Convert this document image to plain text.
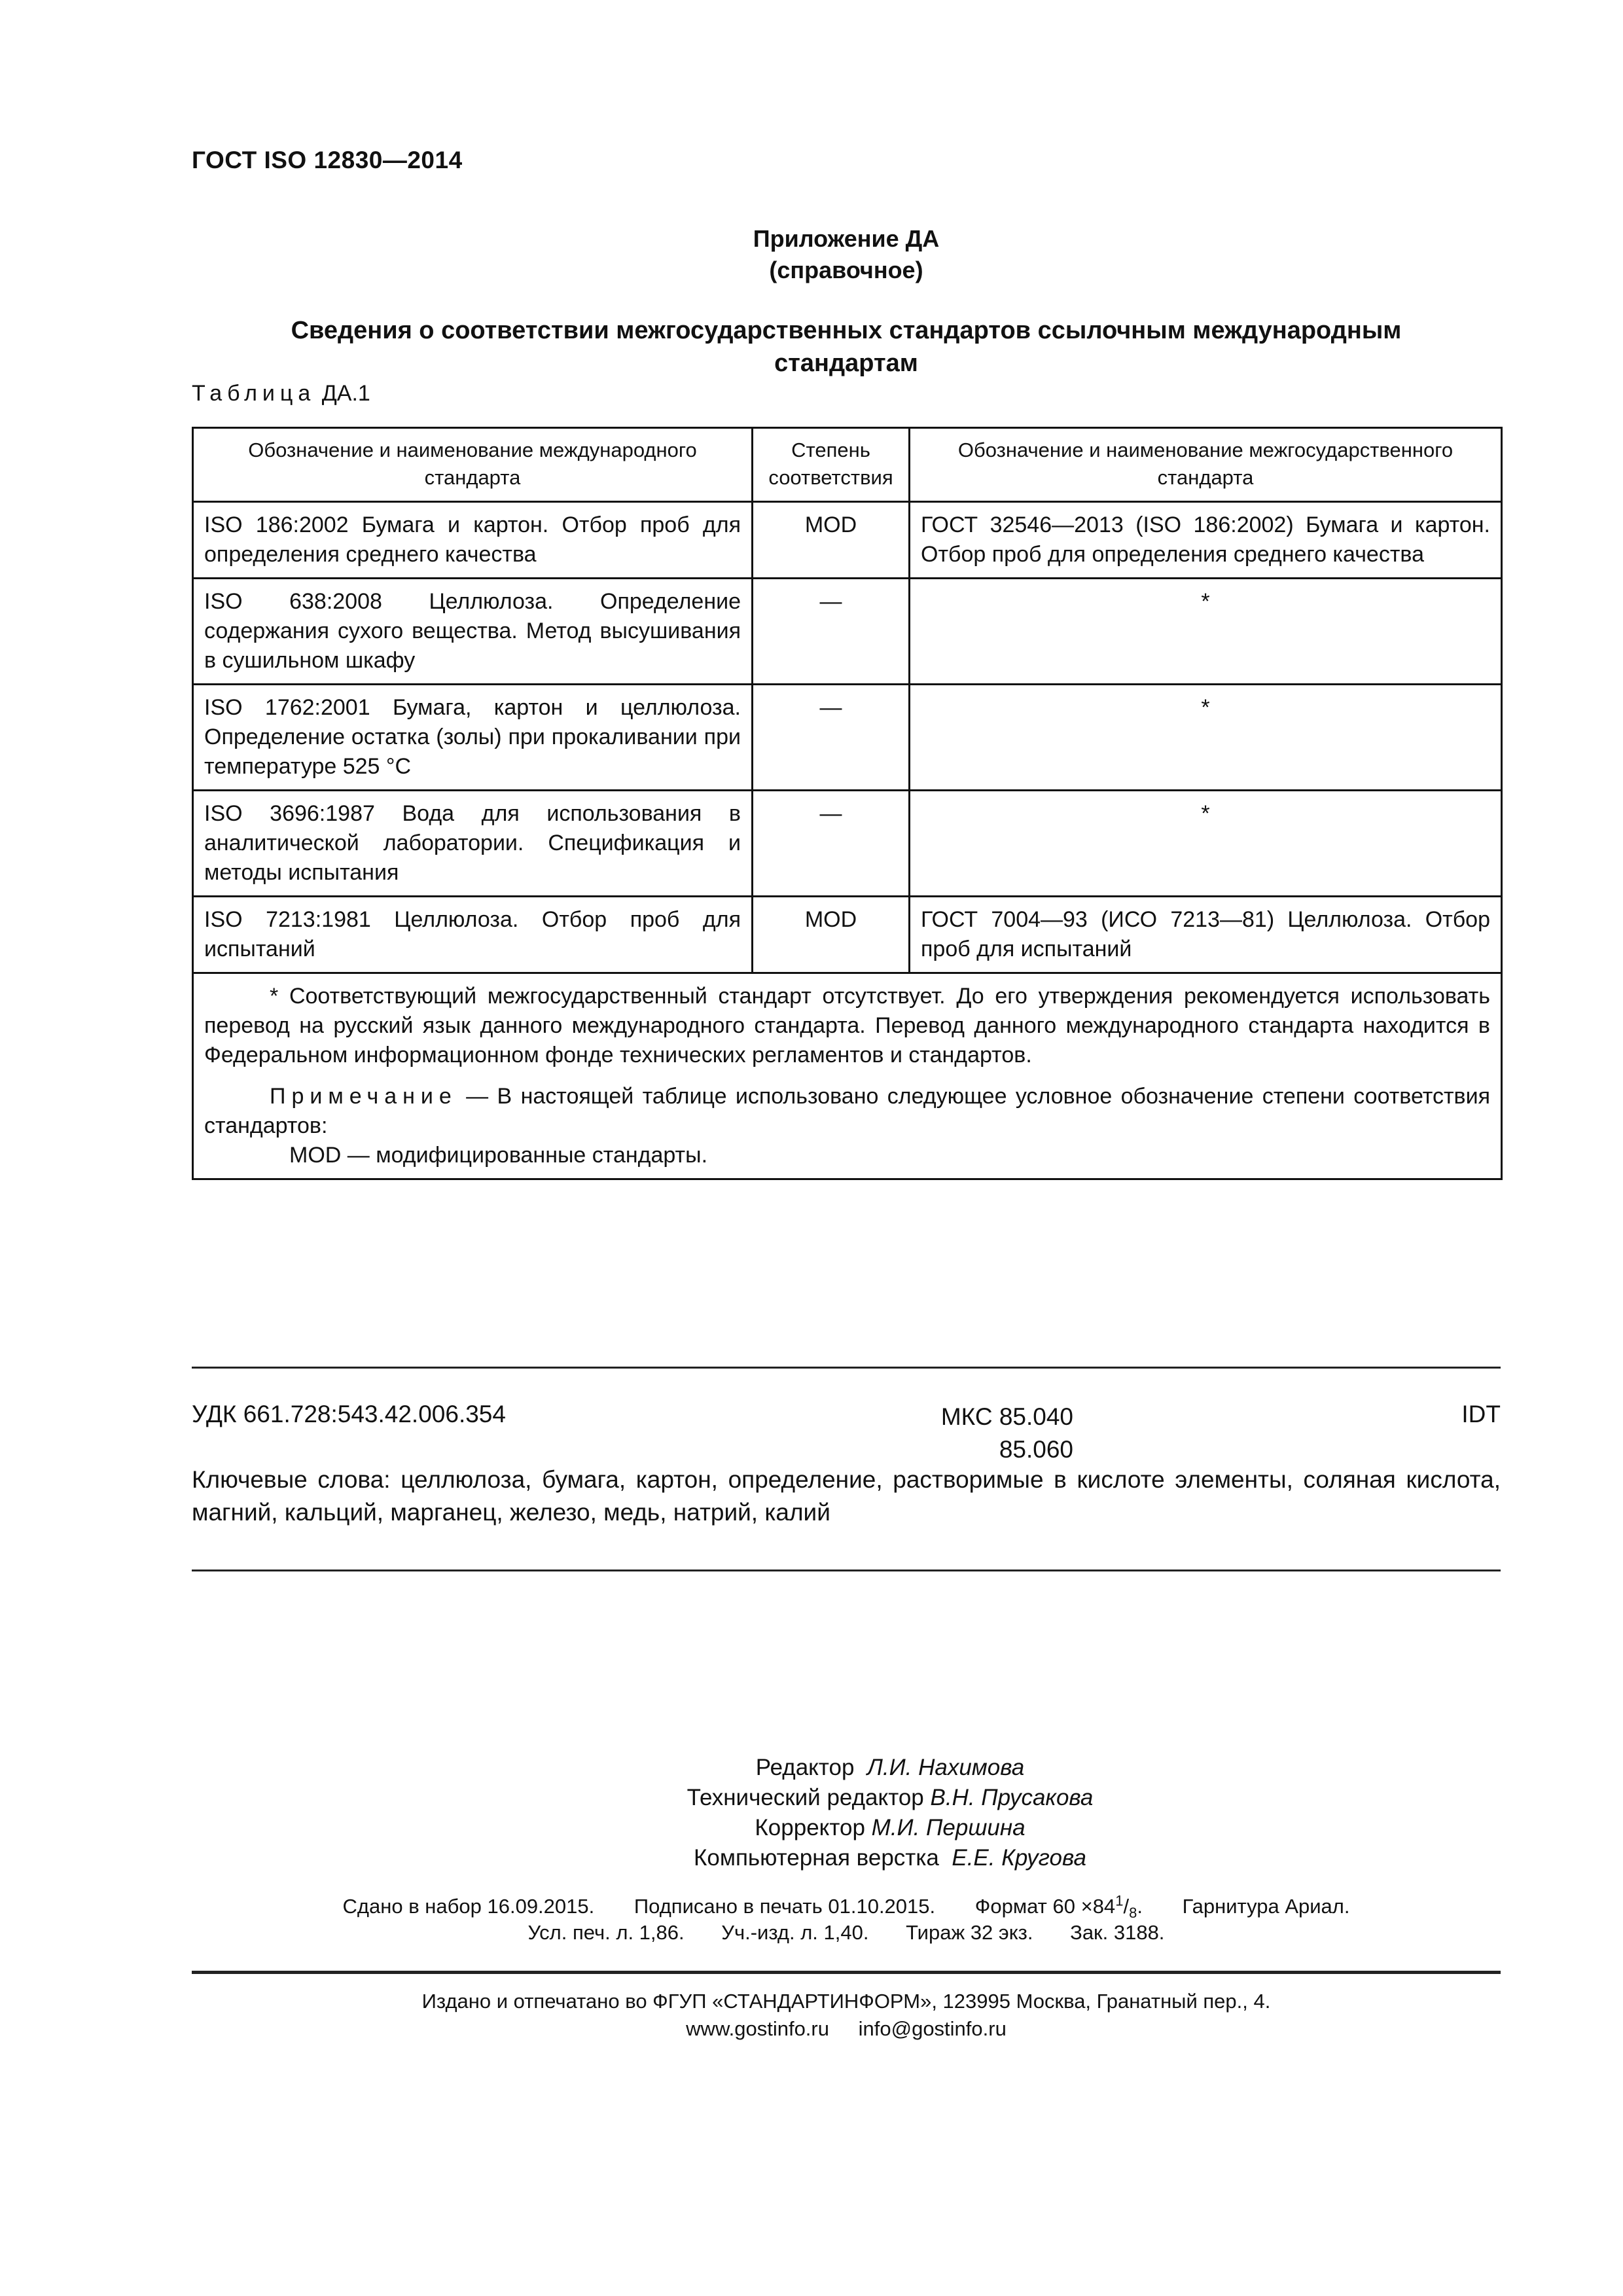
ГОСТ ISO 12830—2014
Приложение ДА
(справочное)
Сведения о соответствии межгосударственных стандартов ссылочным международным
стандартам
Таблица ДА.1
Обозначение и наименование международного стандарта	Степень соответствия	Обозначение и наименование межгосударственного стандарта
ISO 186:2002 Бумага и картон. Отбор проб для определения среднего качества	MOD	ГОСТ 32546—2013 (ISO 186:2002) Бумага и картон. Отбор проб для определения среднего качества
ISO 638:2008 Целлюлоза. Определение содержания сухого вещества. Метод высушивания в сушильном шкафу	—	*
ISO 1762:2001 Бумага, картон и целлюлоза. Определение остатка (золы) при прокаливании при температуре 525 °C	—	*
ISO 3696:1987 Вода для использования в аналитической лаборатории. Спецификация и методы испытания	—	*
ISO 7213:1981 Целлюлоза. Отбор проб для испытаний	MOD	ГОСТ 7004—93 (ИСО 7213—81) Целлюлоза. Отбор проб для испытаний

* Соответствующий межгосударственный стандарт отсутствует. До его утверждения рекомендуется использовать перевод на русский язык данного международного стандарта. Перевод данного международного стандарта находится в Федеральном информационном фонде технических регламентов и стандартов.

Примечание — В настоящей таблице использовано следующее условное обозначение степени соответствия стандартов:

MOD — модифицированные стандарты.		
УДК 661.728:543.42.006.354	МКС 85.040
85.060
IDT
Ключевые слова: целлюлоза, бумага, картон, определение, растворимые в кислоте элементы, соляная кислота, магний, кальций, марганец, железо, медь, натрий, калий
Редактор Л.И. Нахимова
Технический редактор В.Н. Прусакова
Корректор М.И. Першина
Компьютерная верстка Е.Е. Кругова
Сдано в набор 16.09.2015. Подписано в печать 01.10.2015. Формат $60 \times 84^1/_8$. Гарнитура Ариал.
Усл. печ. л. 1,86. Уч.-изд. л. 1,40. Тираж 32 экз. Зак. 3188.
Издано и отпечатано во ФГУП «СТАНДАРТИНФОРМ», 123995 Москва, Гранатный пер., 4.
www.gostinfo.ru info@gostinfo.ru
